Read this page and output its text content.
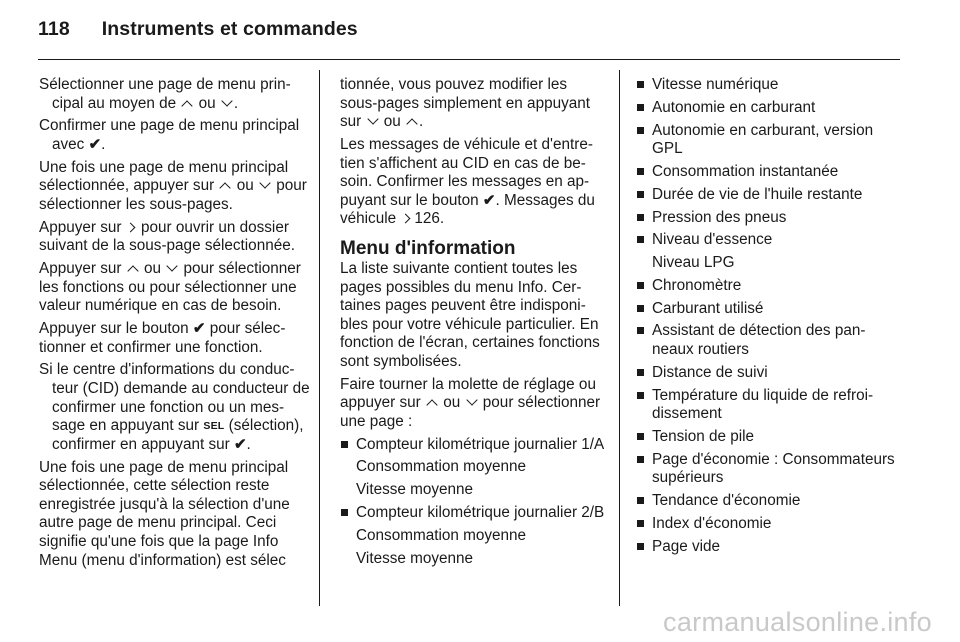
118 Instruments et commandes

Sélectionner une page de menu principal au moyen de ou .

Confirmer une page de menu principal avec ✔.

Une fois une page de menu principal sélectionnée, appuyer sur ou pour sélectionner les sous-pages.

Appuyer sur pour ouvrir un dossier suivant de la sous-page sélectionnée.

Appuyer sur ou pour sélectionner les fonctions ou pour sélectionner une valeur numérique en cas de besoin.

Appuyer sur le bouton ✔ pour sélectionner et confirmer une fonction.

Si le centre d'informations du conducteur (CID) demande au conducteur de confirmer une fonction ou un message en appuyant sur SEL (sélection), confirmer en appuyant sur ✔.

Une fois une page de menu principal sélectionnée, cette sélection reste enregistrée jusqu'à la sélection d'une autre page de menu principal. Ceci signifie qu'une fois que la page Info Menu (menu d'information) est sélec

tionnée, vous pouvez modifier les sous-pages simplement en appuyant sur ou .

Les messages de véhicule et d'entretien s'affichent au CID en cas de besoin. Confirmer les messages en appuyant sur le bouton ✔. Messages du véhicule 126.

Menu d'information

La liste suivante contient toutes les pages possibles du menu Info. Certaines pages peuvent être indisponibles pour votre véhicule particulier. En fonction de l'écran, certaines fonctions sont symbolisées.

Faire tourner la molette de réglage ou appuyer sur ou pour sélectionner une page :

Compteur kilométrique journalier 1/A
Consommation moyenne
Vitesse moyenne
Compteur kilométrique journalier 2/B
Consommation moyenne
Vitesse moyenne
Vitesse numérique
Autonomie en carburant
Autonomie en carburant, version GPL
Consommation instantanée
Durée de vie de l'huile restante
Pression des pneus
Niveau d'essence
Niveau LPG
Chronomètre
Carburant utilisé
Assistant de détection des panneaux routiers
Distance de suivi
Température du liquide de refroidissement
Tension de pile
Page d'économie : Consommateurs supérieurs
Tendance d'économie
Index d'économie
Page vide
carmanualsonline.info
